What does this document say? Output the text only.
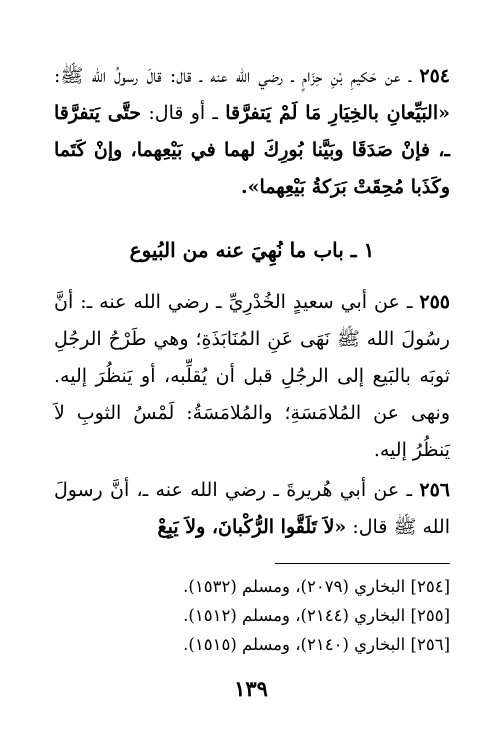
٢٥٤ ـ عن حَكيمِ بْنِ حِزَامٍ ـ رضي الله عنه ـ قال: قالَ رسولُ الله ﷺ: «البَيِّعانِ بالخِيَارِ مَا لَمْ يَتفرَّقا ـ أو قال: حتَّى يَتفرَّقا ـ، فإنْ صَدَقَا وبَيَّنا بُورِكَ لهما في بَيْعِهما، وإنْ كَتَما وكَذَبا مُحِقَتْ بَرَكةُ بَيْعِهما».

١ ـ باب ما نُهِيَ عنه من البُيوع

٢٥٥ ـ عن أبي سعيدٍ الخُدْرِيِّ ـ رضي الله عنه ـ: أنَّ رسُولَ الله ﷺ نَهَى عَنِ المُنَابَذَةِ؛ وهي طَرْحُ الرجُلِ ثوبَه بالبَيع إلى الرجُلِ قبل أن يُقلِّبه، أو يَنظُرَ إليه. ونهى عن المُلامَسَةِ؛ والمُلامَسَةُ: لَمْسُ الثوبِ لاَ يَنظُرُ إليه.

٢٥٦ ـ عن أبي هُريرةَ ـ رضي الله عنه ـ، أنَّ رسولَ الله ﷺ قال: «لاَ تَلَقَّوا الرُّكْبانَ، ولاَ يَبِعْ

[٢٥٤] البخاري (٢٠٧٩)، ومسلم (١٥٣٢).

[٢٥٥] البخاري (٢١٤٤)، ومسلم (١٥١٢).

[٢٥٦] البخاري (٢١٤٠)، ومسلم (١٥١٥).

١٣٩
